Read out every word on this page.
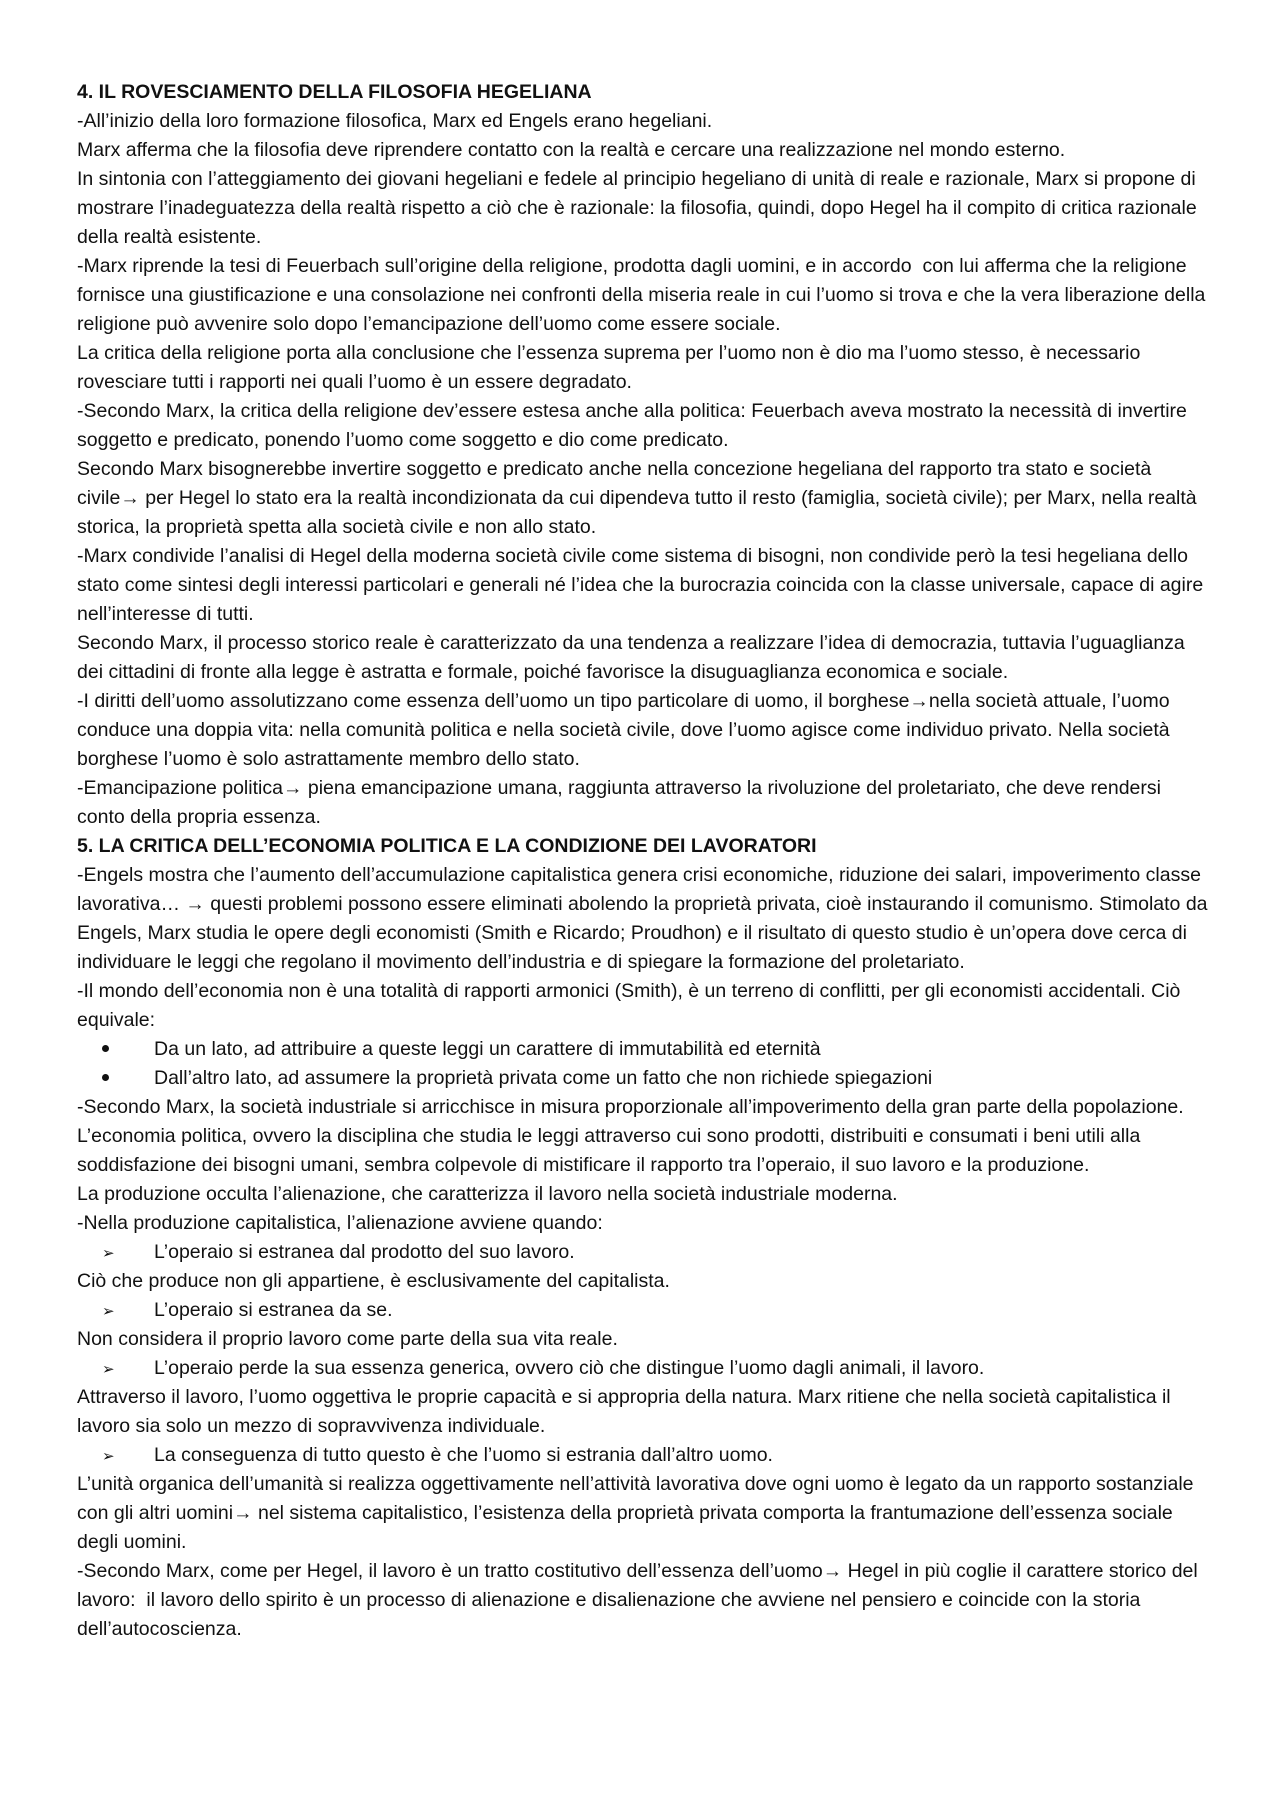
4. IL ROVESCIAMENTO DELLA FILOSOFIA HEGELIANA

-All’inizio della loro formazione filosofica, Marx ed Engels erano hegeliani.

Marx afferma che la filosofia deve riprendere contatto con la realtà e cercare una realizzazione nel mondo esterno.

In sintonia con l’atteggiamento dei giovani hegeliani e fedele al principio hegeliano di unità di reale e razionale, Marx si propone di mostrare l’inadeguatezza della realtà rispetto a ciò che è razionale: la filosofia, quindi, dopo Hegel ha il compito di critica razionale della realtà esistente.

-Marx riprende la tesi di Feuerbach sull’origine della religione, prodotta dagli uomini, e in accordo  con lui afferma che la religione fornisce una giustificazione e una consolazione nei confronti della miseria reale in cui l’uomo si trova e che la vera liberazione della religione può avvenire solo dopo l’emancipazione dell’uomo come essere sociale.

La critica della religione porta alla conclusione che l’essenza suprema per l’uomo non è dio ma l’uomo stesso, è necessario rovesciare tutti i rapporti nei quali l’uomo è un essere degradato.

-Secondo Marx, la critica della religione dev’essere estesa anche alla politica: Feuerbach aveva mostrato la necessità di invertire soggetto e predicato, ponendo l’uomo come soggetto e dio come predicato.

Secondo Marx bisognerebbe invertire soggetto e predicato anche nella concezione hegeliana del rapporto tra stato e società civile→ per Hegel lo stato era la realtà incondizionata da cui dipendeva tutto il resto (famiglia, società civile); per Marx, nella realtà storica, la proprietà spetta alla società civile e non allo stato.

-Marx condivide l’analisi di Hegel della moderna società civile come sistema di bisogni, non condivide però la tesi hegeliana dello stato come sintesi degli interessi particolari e generali né l’idea che la burocrazia coincida con la classe universale, capace di agire nell’interesse di tutti.

Secondo Marx, il processo storico reale è caratterizzato da una tendenza a realizzare l’idea di democrazia, tuttavia l’uguaglianza dei cittadini di fronte alla legge è astratta e formale, poiché favorisce la disuguaglianza economica e sociale.

-I diritti dell’uomo assolutizzano come essenza dell’uomo un tipo particolare di uomo, il borghese→nella società attuale, l’uomo conduce una doppia vita: nella comunità politica e nella società civile, dove l’uomo agisce come individuo privato. Nella società borghese l’uomo è solo astrattamente membro dello stato.

-Emancipazione politica→ piena emancipazione umana, raggiunta attraverso la rivoluzione del proletariato, che deve rendersi conto della propria essenza.

5. LA CRITICA DELL’ECONOMIA POLITICA E LA CONDIZIONE DEI LAVORATORI

-Engels mostra che l’aumento dell’accumulazione capitalistica genera crisi economiche, riduzione dei salari, impoverimento classe lavorativa… → questi problemi possono essere eliminati abolendo la proprietà privata, cioè instaurando il comunismo. Stimolato da Engels, Marx studia le opere degli economisti (Smith e Ricardo; Proudhon) e il risultato di questo studio è un’opera dove cerca di individuare le leggi che regolano il movimento dell’industria e di spiegare la formazione del proletariato.

-Il mondo dell’economia non è una totalità di rapporti armonici (Smith), è un terreno di conflitti, per gli economisti accidentali. Ciò equivale:

Da un lato, ad attribuire a queste leggi un carattere di immutabilità ed eternità
Dall’altro lato, ad assumere la proprietà privata come un fatto che non richiede spiegazioni

-Secondo Marx, la società industriale si arricchisce in misura proporzionale all’impoverimento della gran parte della popolazione. L’economia politica, ovvero la disciplina che studia le leggi attraverso cui sono prodotti, distribuiti e consumati i beni utili alla soddisfazione dei bisogni umani, sembra colpevole di mistificare il rapporto tra l’operaio, il suo lavoro e la produzione.

La produzione occulta l’alienazione, che caratterizza il lavoro nella società industriale moderna.

-Nella produzione capitalistica, l’alienazione avviene quando:

➢	L’operaio si estranea dal prodotto del suo lavoro.

Ciò che produce non gli appartiene, è esclusivamente del capitalista.

➢	L’operaio si estranea da se.

Non considera il proprio lavoro come parte della sua vita reale.

➢	L’operaio perde la sua essenza generica, ovvero ciò che distingue l’uomo dagli animali, il lavoro.

Attraverso il lavoro, l’uomo oggettiva le proprie capacità e si appropria della natura. Marx ritiene che nella società capitalistica il lavoro sia solo un mezzo di sopravvivenza individuale.

➢	La conseguenza di tutto questo è che l’uomo si estrania dall’altro uomo.

L’unità organica dell’umanità si realizza oggettivamente nell’attività lavorativa dove ogni uomo è legato da un rapporto sostanziale con gli altri uomini→ nel sistema capitalistico, l’esistenza della proprietà privata comporta la frantumazione dell’essenza sociale degli uomini.

-Secondo Marx, come per Hegel, il lavoro è un tratto costitutivo dell’essenza dell’uomo→ Hegel in più coglie il carattere storico del lavoro:  il lavoro dello spirito è un processo di alienazione e disalienazione che avviene nel pensiero e coincide con la storia dell’autocoscienza.
